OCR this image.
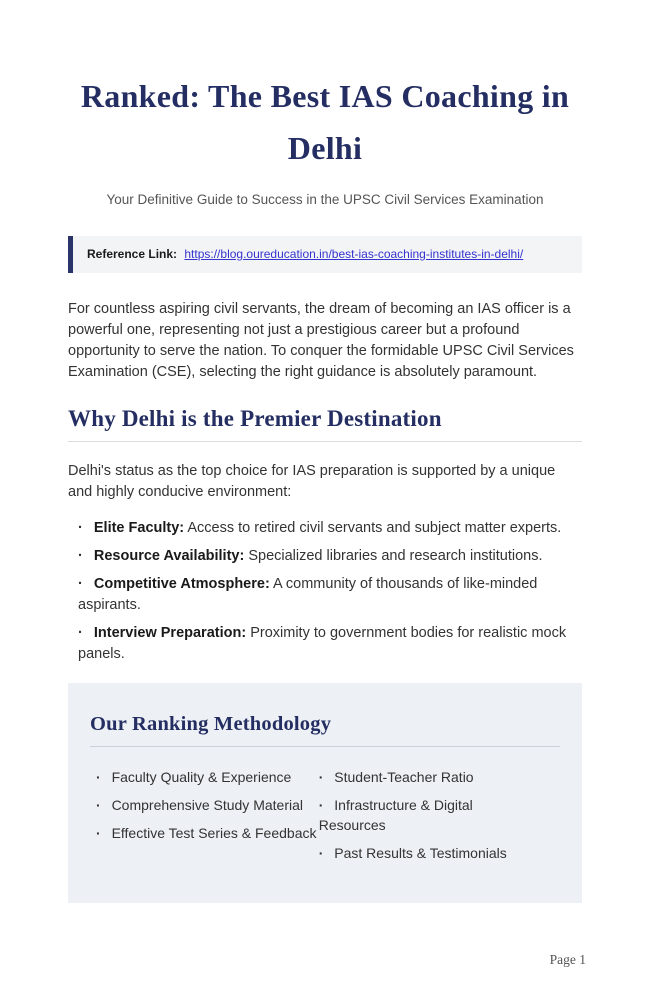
Ranked: The Best IAS Coaching in Delhi

Your Definitive Guide to Success in the UPSC Civil Services Examination

Reference Link: https://blog.oureducation.in/best-ias-coaching-institutes-in-delhi/

For countless aspiring civil servants, the dream of becoming an IAS officer is a powerful one, representing not just a prestigious career but a profound opportunity to serve the nation. To conquer the formidable UPSC Civil Services Examination (CSE), selecting the right guidance is absolutely paramount.

Why Delhi is the Premier Destination

Delhi's status as the top choice for IAS preparation is supported by a unique and highly conducive environment:

· Elite Faculty: Access to retired civil servants and subject matter experts.
· Resource Availability: Specialized libraries and research institutions.
· Competitive Atmosphere: A community of thousands of like-minded aspirants.
· Interview Preparation: Proximity to government bodies for realistic mock panels.
Our Ranking Methodology
· Faculty Quality & Experience
· Comprehensive Study Material
· Effective Test Series & Feedback
· Student-Teacher Ratio
· Infrastructure & Digital Resources
· Past Results & Testimonials
Page 1
